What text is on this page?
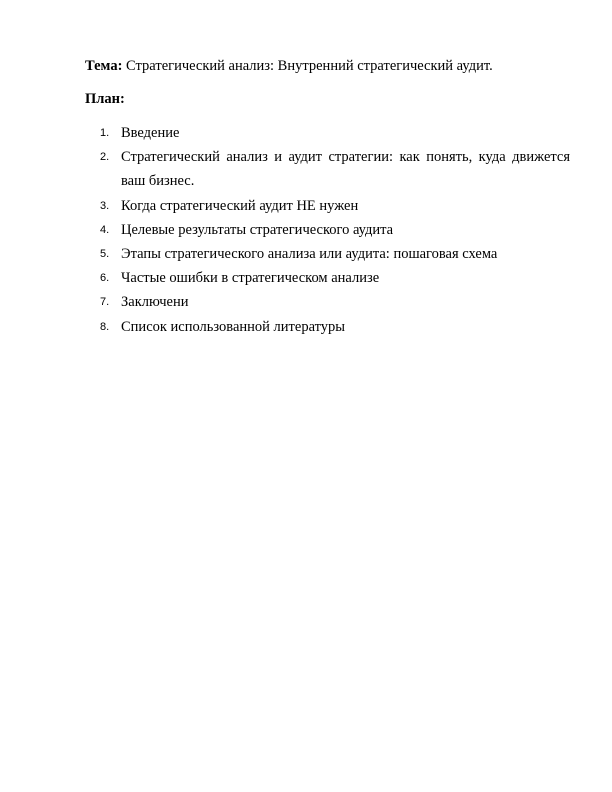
Тема: Стратегический анализ: Внутренний стратегический аудит.
План:
1. Введение
2. Стратегический анализ и аудит стратегии: как понять, куда движется ваш бизнес.
3. Когда стратегический аудит НЕ нужен
4. Целевые результаты стратегического аудита
5. Этапы стратегического анализа или аудита: пошаговая схема
6. Частые ошибки в стратегическом анализе
7. Заключени
8. Список использованной литературы
